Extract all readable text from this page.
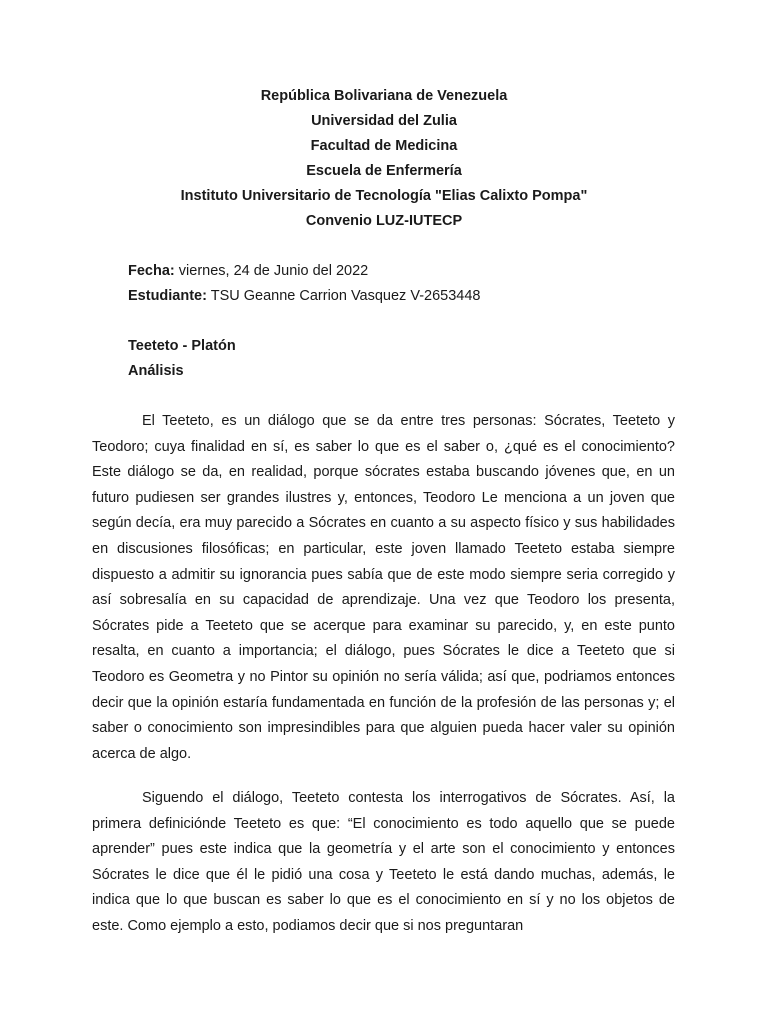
República Bolivariana de Venezuela
Universidad del Zulia
Facultad de Medicina
Escuela de Enfermería
Instituto Universitario de Tecnología "Elias Calixto Pompa"
Convenio LUZ-IUTECP
Fecha: viernes, 24 de Junio del 2022
Estudiante: TSU Geanne Carrion Vasquez V-2653448
Teeteto - Platón
Análisis

El Teeteto, es un diálogo que se da entre tres personas: Sócrates, Teeteto y Teodoro; cuya finalidad en sí, es saber lo que es el saber o, ¿qué es el conocimiento? Este diálogo se da, en realidad, porque sócrates estaba buscando jóvenes que, en un futuro pudiesen ser grandes ilustres y, entonces, Teodoro Le menciona a un joven que según decía, era muy parecido a Sócrates en cuanto a su aspecto físico y sus habilidades en discusiones filosóficas; en particular, este joven llamado Teeteto estaba siempre dispuesto a admitir su ignorancia pues sabía que de este modo siempre seria corregido y así sobresalía en su capacidad de aprendizaje. Una vez que Teodoro los presenta, Sócrates pide a Teeteto que se acerque para examinar su parecido, y, en este punto resalta, en cuanto a importancia; el diálogo, pues Sócrates le dice a Teeteto que si Teodoro es Geometra y no Pintor su opinión no sería válida; así que, podriamos entonces decir que la opinión estaría fundamentada en función de la profesión de las personas y; el saber o conocimiento son impresindibles para que alguien pueda hacer valer su opinión acerca de algo.

Siguendo el diálogo, Teeteto contesta los interrogativos de Sócrates. Así, la primera definiciónde Teeteto es que: “El conocimiento es todo aquello que se puede aprender” pues este indica que la geometría y el arte son el conocimiento y entonces Sócrates le dice que él le pidió una cosa y Teeteto le está dando muchas, además, le indica que lo que buscan es saber lo que es el conocimiento en sí y no los objetos de este. Como ejemplo a esto, podiamos decir que si nos preguntaran
